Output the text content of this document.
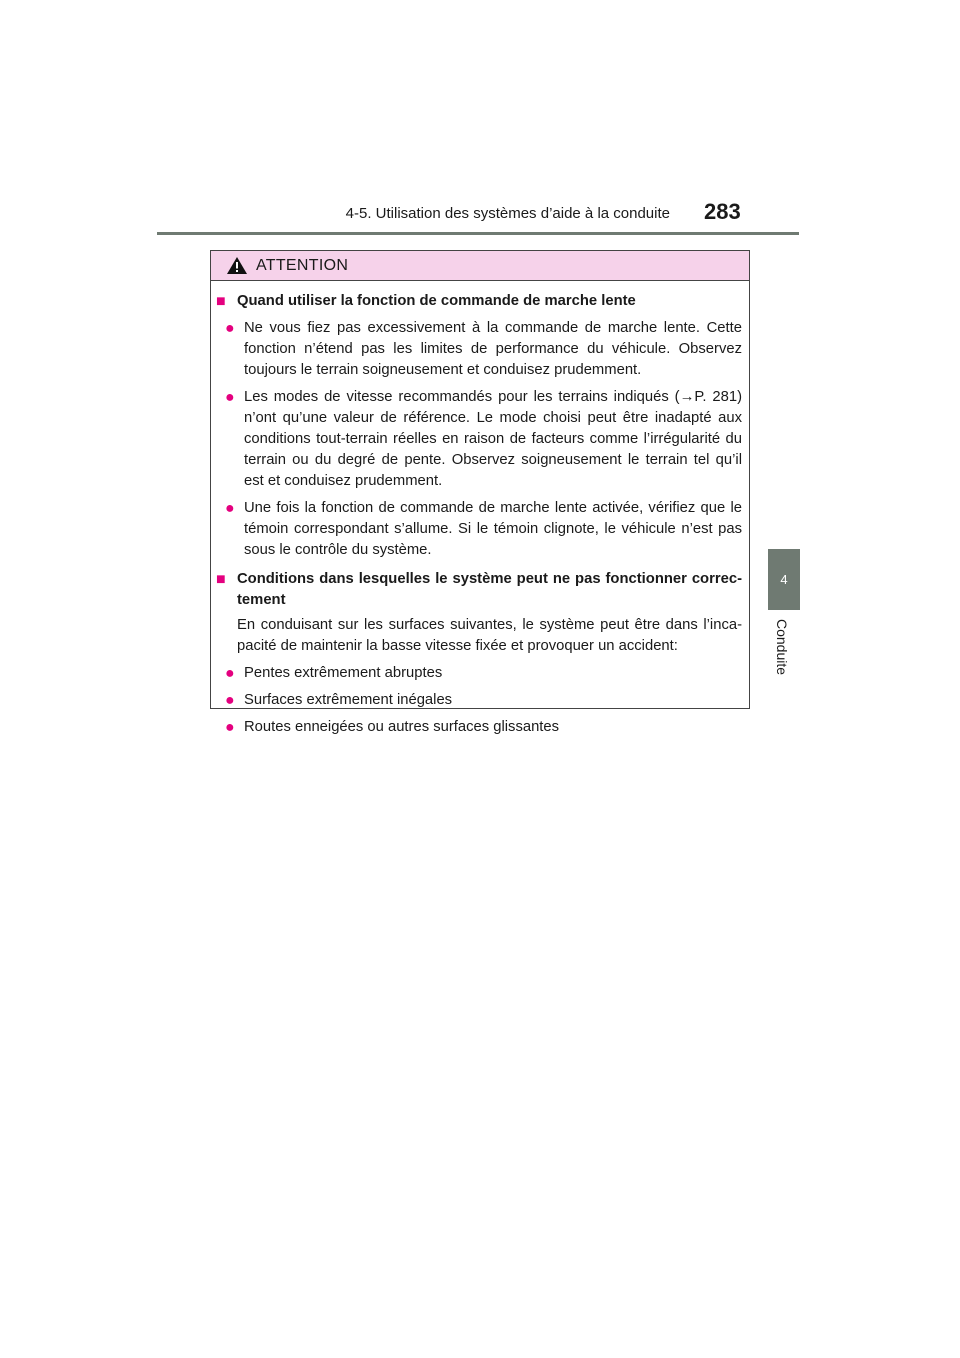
4-5. Utilisation des systèmes d’aide à la conduite 283
4
Conduite
ATTENTION
■ Quand utiliser la fonction de commande de marche lente
● Ne vous fiez pas excessivement à la commande de marche lente. Cette fonction n’étend pas les limites de performance du véhicule. Observez toujours le terrain soigneusement et conduisez prudemment.
● Les modes de vitesse recommandés pour les terrains indiqués (→P. 281) n’ont qu’une valeur de référence. Le mode choisi peut être inadapté aux conditions tout-terrain réelles en raison de facteurs comme l’irrégularité du terrain ou du degré de pente. Observez soigneusement le terrain tel qu’il est et conduisez prudemment.
● Une fois la fonction de commande de marche lente activée, vérifiez que le témoin correspondant s’allume. Si le témoin clignote, le véhicule n’est pas sous le contrôle du système.
■ Conditions dans lesquelles le système peut ne pas fonctionner correc-tement
En conduisant sur les surfaces suivantes, le système peut être dans l’inca-pacité de maintenir la basse vitesse fixée et provoquer un accident:
● Pentes extrêmement abruptes
● Surfaces extrêmement inégales
● Routes enneigées ou autres surfaces glissantes
